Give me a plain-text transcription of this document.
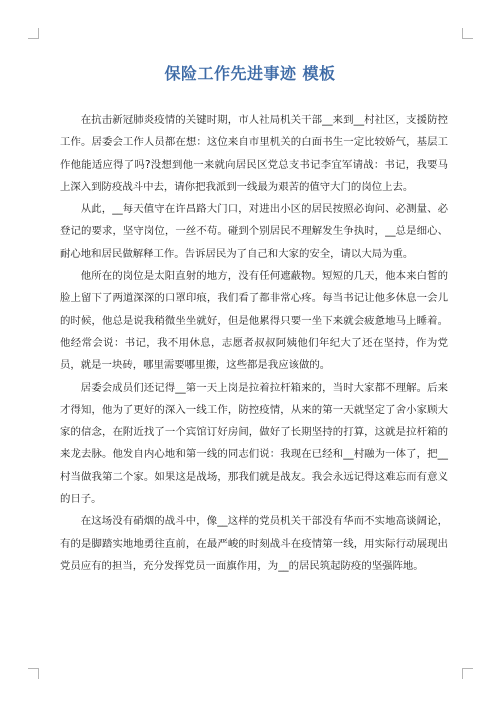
保险工作先进事迹 模板

在抗击新冠肺炎疫情的关键时期，市人社局机关干部__来到__村社区，支援防控工作。居委会工作人员都在想：这位来自市里机关的白面书生一定比较娇气，基层工作他能适应得了吗?没想到他一来就向居民区党总支书记李宜军请战：书记，我要马上深入到防疫战斗中去，请你把我派到一线最为艰苦的值守大门的岗位上去。

从此，__每天值守在许昌路大门口，对进出小区的居民按照必询问、必测量、必登记的要求，坚守岗位，一丝不苟。碰到个别居民不理解发生争执时，__总是细心、耐心地和居民做解释工作。告诉居民为了自己和大家的安全，请以大局为重。

他所在的岗位是太阳直射的地方，没有任何遮蔽物。短短的几天，他本来白皙的脸上留下了两道深深的口罩印痕，我们看了都非常心疼。每当书记让他多休息一会儿的时候，他总是说我稍微坐坐就好，但是他累得只要一坐下来就会疲惫地马上睡着。他经常会说：书记，我不用休息，志愿者叔叔阿姨他们年纪大了还在坚持，作为党员，就是一块砖，哪里需要哪里搬，这些都是我应该做的。

居委会成员们还记得__第一天上岗是拉着拉杆箱来的，当时大家都不理解。后来才得知，他为了更好的深入一线工作，防控疫情，从来的第一天就坚定了舍小家顾大家的信念，在附近找了一个宾馆订好房间，做好了长期坚持的打算，这就是拉杆箱的来龙去脉。他发自内心地和第一线的同志们说：我现在已经和__村融为一体了，把__村当做我第二个家。如果这是战场，那我们就是战友。我会永远记得这难忘而有意义的日子。

在这场没有硝烟的战斗中，像__这样的党员机关干部没有华而不实地高谈阔论，有的是脚踏实地地勇往直前，在最严峻的时刻战斗在疫情第一线，用实际行动展现出党员应有的担当，充分发挥党员一面旗作用，为__的居民筑起防疫的坚强阵地。
